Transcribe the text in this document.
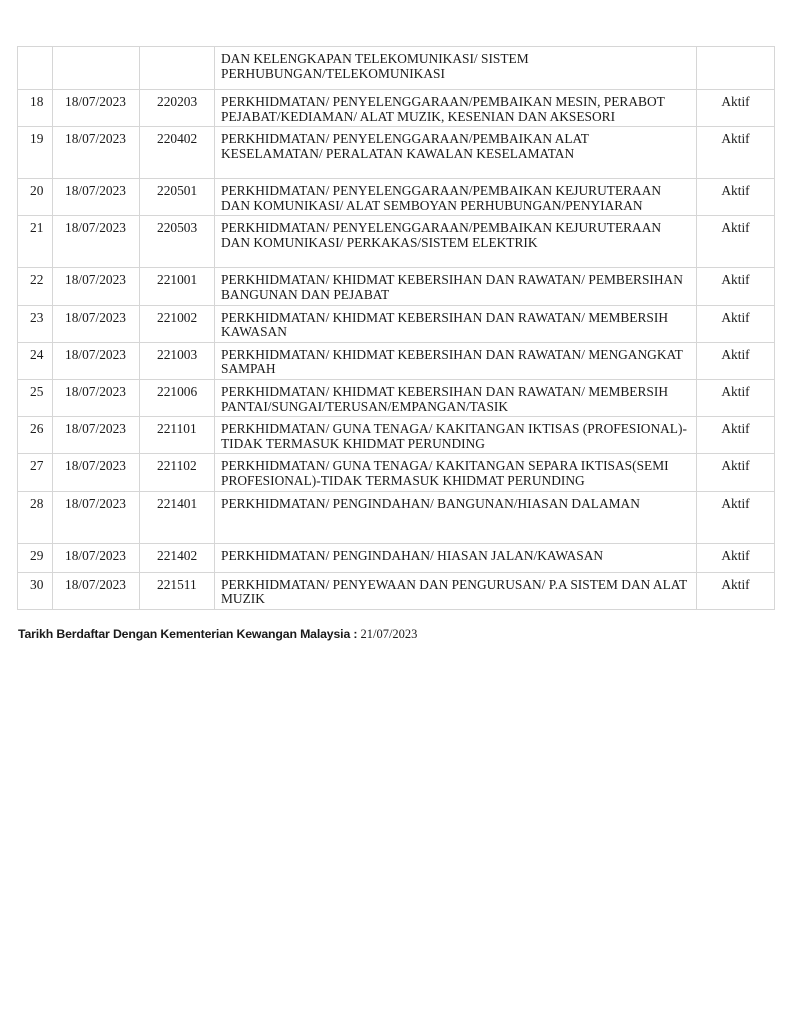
			DAN KELENGKAPAN TELEKOMUNIKASI/ SISTEM PERHUBUNGAN/TELEKOMUNIKASI	
18	18/07/2023	220203	PERKHIDMATAN/ PENYELENGGARAAN/PEMBAIKAN MESIN, PERABOT PEJABAT/KEDIAMAN/ ALAT MUZIK, KESENIAN DAN AKSESORI	Aktif
19	18/07/2023	220402	PERKHIDMATAN/ PENYELENGGARAAN/PEMBAIKAN ALAT KESELAMATAN/ PERALATAN KAWALAN KESELAMATAN	Aktif
20	18/07/2023	220501	PERKHIDMATAN/ PENYELENGGARAAN/PEMBAIKAN KEJURUTERAAN DAN KOMUNIKASI/ ALAT SEMBOYAN PERHUBUNGAN/PENYIARAN	Aktif
21	18/07/2023	220503	PERKHIDMATAN/ PENYELENGGARAAN/PEMBAIKAN KEJURUTERAAN DAN KOMUNIKASI/ PERKAKAS/SISTEM ELEKTRIK	Aktif
22	18/07/2023	221001	PERKHIDMATAN/ KHIDMAT KEBERSIHAN DAN RAWATAN/ PEMBERSIHAN BANGUNAN DAN PEJABAT	Aktif
23	18/07/2023	221002	PERKHIDMATAN/ KHIDMAT KEBERSIHAN DAN RAWATAN/ MEMBERSIH KAWASAN	Aktif
24	18/07/2023	221003	PERKHIDMATAN/ KHIDMAT KEBERSIHAN DAN RAWATAN/ MENGANGKAT SAMPAH	Aktif
25	18/07/2023	221006	PERKHIDMATAN/ KHIDMAT KEBERSIHAN DAN RAWATAN/ MEMBERSIH PANTAI/SUNGAI/TERUSAN/EMPANGAN/TASIK	Aktif
26	18/07/2023	221101	PERKHIDMATAN/ GUNA TENAGA/ KAKITANGAN IKTISAS (PROFESIONAL)-TIDAK TERMASUK KHIDMAT PERUNDING	Aktif
27	18/07/2023	221102	PERKHIDMATAN/ GUNA TENAGA/ KAKITANGAN SEPARA IKTISAS(SEMI PROFESIONAL)-TIDAK TERMASUK KHIDMAT PERUNDING	Aktif
28	18/07/2023	221401	PERKHIDMATAN/ PENGINDAHAN/ BANGUNAN/HIASAN DALAMAN	Aktif
29	18/07/2023	221402	PERKHIDMATAN/ PENGINDAHAN/ HIASAN JALAN/KAWASAN	Aktif
30	18/07/2023	221511	PERKHIDMATAN/ PENYEWAAN DAN PENGURUSAN/ P.A SISTEM DAN ALAT MUZIK	Aktif
Tarikh Berdaftar Dengan Kementerian Kewangan Malaysia : 21/07/2023
